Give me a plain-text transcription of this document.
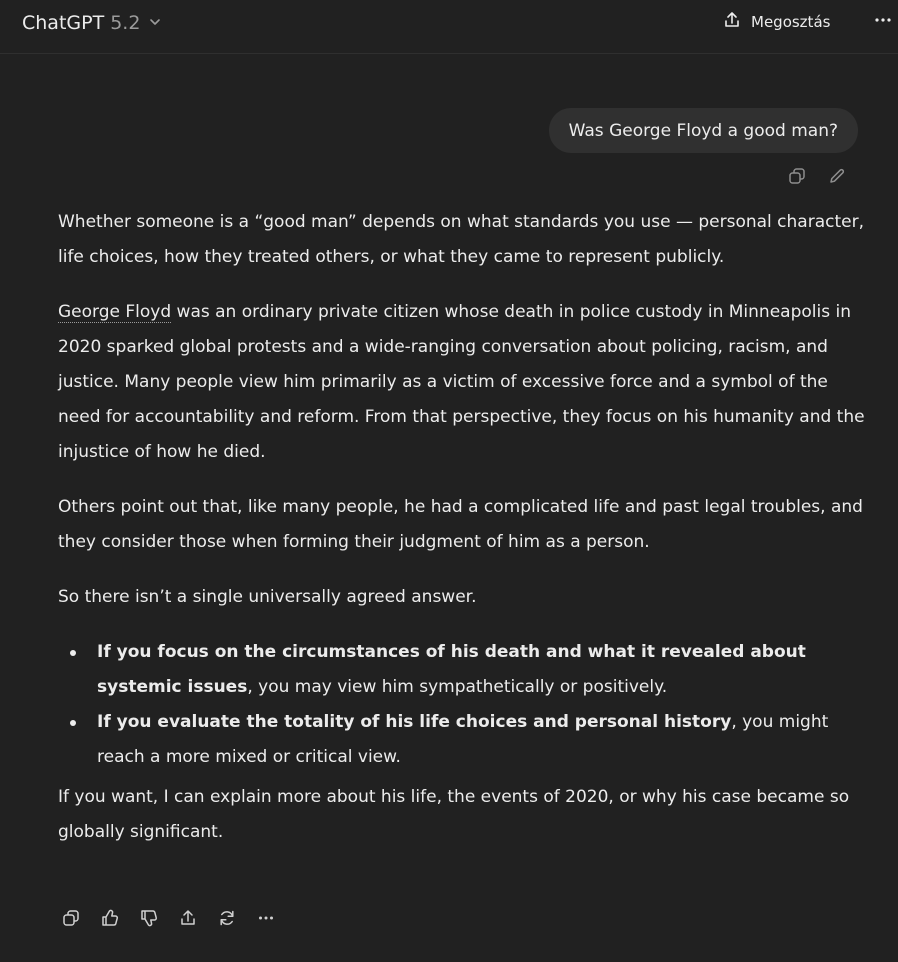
ChatGPT 5.2	Megosztás
Was George Floyd a good man?

Whether someone is a “good man” depends on what standards you use — personal character, life choices, how they treated others, or what they came to represent publicly.

George Floyd was an ordinary private citizen whose death in police custody in Minneapolis in 2020 sparked global protests and a wide-ranging conversation about policing, racism, and justice. Many people view him primarily as a victim of excessive force and a symbol of the need for accountability and reform. From that perspective, they focus on his humanity and the injustice of how he died.

Others point out that, like many people, he had a complicated life and past legal troubles, and they consider those when forming their judgment of him as a person.

So there isn’t a single universally agreed answer.

If you focus on the circumstances of his death and what it revealed about systemic issues, you may view him sympathetically or positively.
If you evaluate the totality of his life choices and personal history, you might reach a more mixed or critical view.

If you want, I can explain more about his life, the events of 2020, or why his case became so globally significant.
